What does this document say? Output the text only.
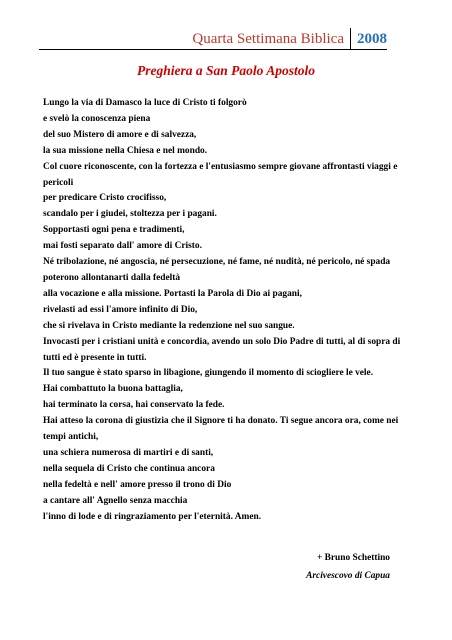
Quarta Settimana Biblica 2008
Preghiera a San Paolo Apostolo
Lungo la via di Damasco la luce di Cristo ti folgorò
e svelò la conoscenza piena
del suo Mistero di amore e di salvezza,
la sua missione nella Chiesa e nel mondo.
Col cuore riconoscente, con la fortezza e l'entusiasmo sempre giovane affrontasti viaggi e
pericoli
per predicare Cristo crocifisso,
scandalo per i giudei, stoltezza per i pagani.
Sopportasti ogni pena e tradimenti,
mai fosti separato dall' amore di Cristo.
Né tribolazione, né angoscia, né persecuzione, né fame, né nudità, né pericolo, né spada
poterono allontanarti dalla fedeltà
alla vocazione e alla missione. Portasti la Parola di Dio ai pagani,
rivelasti ad essi l'amore infinito di Dio,
che si rivelava in Cristo mediante la redenzione nel suo sangue.
Invocasti per i cristiani unità e concordia, avendo un solo Dio Padre di tutti, al di sopra di
tutti ed è presente in tutti.
Il tuo sangue è stato sparso in libagione, giungendo il momento di sciogliere le vele.
Hai combattuto la buona battaglia,
hai terminato la corsa, hai conservato la fede.
Hai atteso la corona di giustizia che il Signore ti ha donato. Ti segue ancora ora, come nei
tempi antichi,
una schiera numerosa di martiri e di santi,
nella sequela di Cristo che continua ancora
nella fedeltà e nell' amore presso il trono di Dio
a cantare all' Agnello senza macchia
l'inno di lode e di ringraziamento per l'eternità. Amen.
+ Bruno Schettino
Arcivescovo di Capua
